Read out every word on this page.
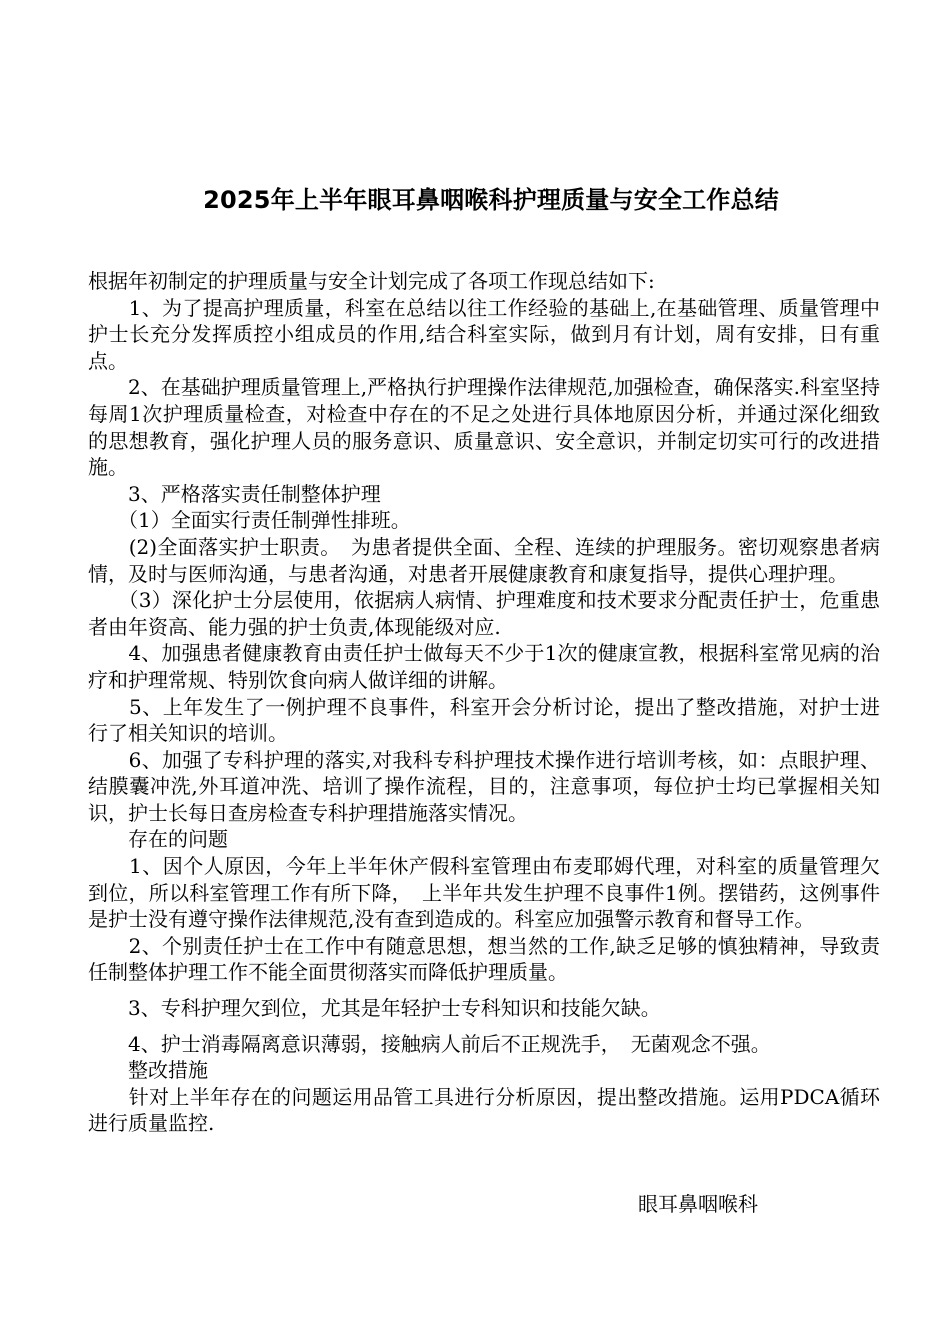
2025年上半年眼耳鼻咽喉科护理质量与安全工作总结

根据年初制定的护理质量与安全计划完成了各项工作现总结如下:

　　1、为了提高护理质量，科室在总结以往工作经验的基础上,在基础管理、质量管理中护士长充分发挥质控小组成员的作用,结合科室实际，做到月有计划，周有安排，日有重点。

　　2、在基础护理质量管理上,严格执行护理操作法律规范,加强检查，确保落实.科室坚持每周1次护理质量检查，对检查中存在的不足之处进行具体地原因分析，并通过深化细致的思想教育，强化护理人员的服务意识、质量意识、安全意识，并制定切实可行的改进措施。

　　3、严格落实责任制整体护理

　　（1）全面实行责任制弹性排班。

　　(2)全面落实护士职责。　为患者提供全面、全程、连续的护理服务。密切观察患者病情，及时与医师沟通，与患者沟通，对患者开展健康教育和康复指导，提供心理护理。

　　（3）深化护士分层使用，依据病人病情、护理难度和技术要求分配责任护士，危重患者由年资高、能力强的护士负责,体现能级对应.

　　4、加强患者健康教育由责任护士做每天不少于1次的健康宣教，根据科室常见病的治疗和护理常规、特别饮食向病人做详细的讲解。

　　5、上年发生了一例护理不良事件，科室开会分析讨论，提出了整改措施，对护士进行了相关知识的培训。

　　6、加强了专科护理的落实,对我科专科护理技术操作进行培训考核，如：点眼护理、结膜囊冲洗,外耳道冲洗、培训了操作流程，目的，注意事项，每位护士均已掌握相关知识，护士长每日查房检查专科护理措施落实情况。

　　存在的问题

　　1、因个人原因，今年上半年休产假科室管理由布麦耶姆代理，对科室的质量管理欠到位，所以科室管理工作有所下降，　上半年共发生护理不良事件1例。摆错药，这例事件是护士没有遵守操作法律规范,没有查到造成的。科室应加强警示教育和督导工作。

　　2、个别责任护士在工作中有随意思想，想当然的工作,缺乏足够的慎独精神，导致责任制整体护理工作不能全面贯彻落实而降低护理质量。

　　3、专科护理欠到位，尤其是年轻护士专科知识和技能欠缺。

　　4、护士消毒隔离意识薄弱，接触病人前后不正规洗手，　无菌观念不强。

　　整改措施

　　针对上半年存在的问题运用品管工具进行分析原因，提出整改措施。运用PDCA循环进行质量监控.

眼耳鼻咽喉科
